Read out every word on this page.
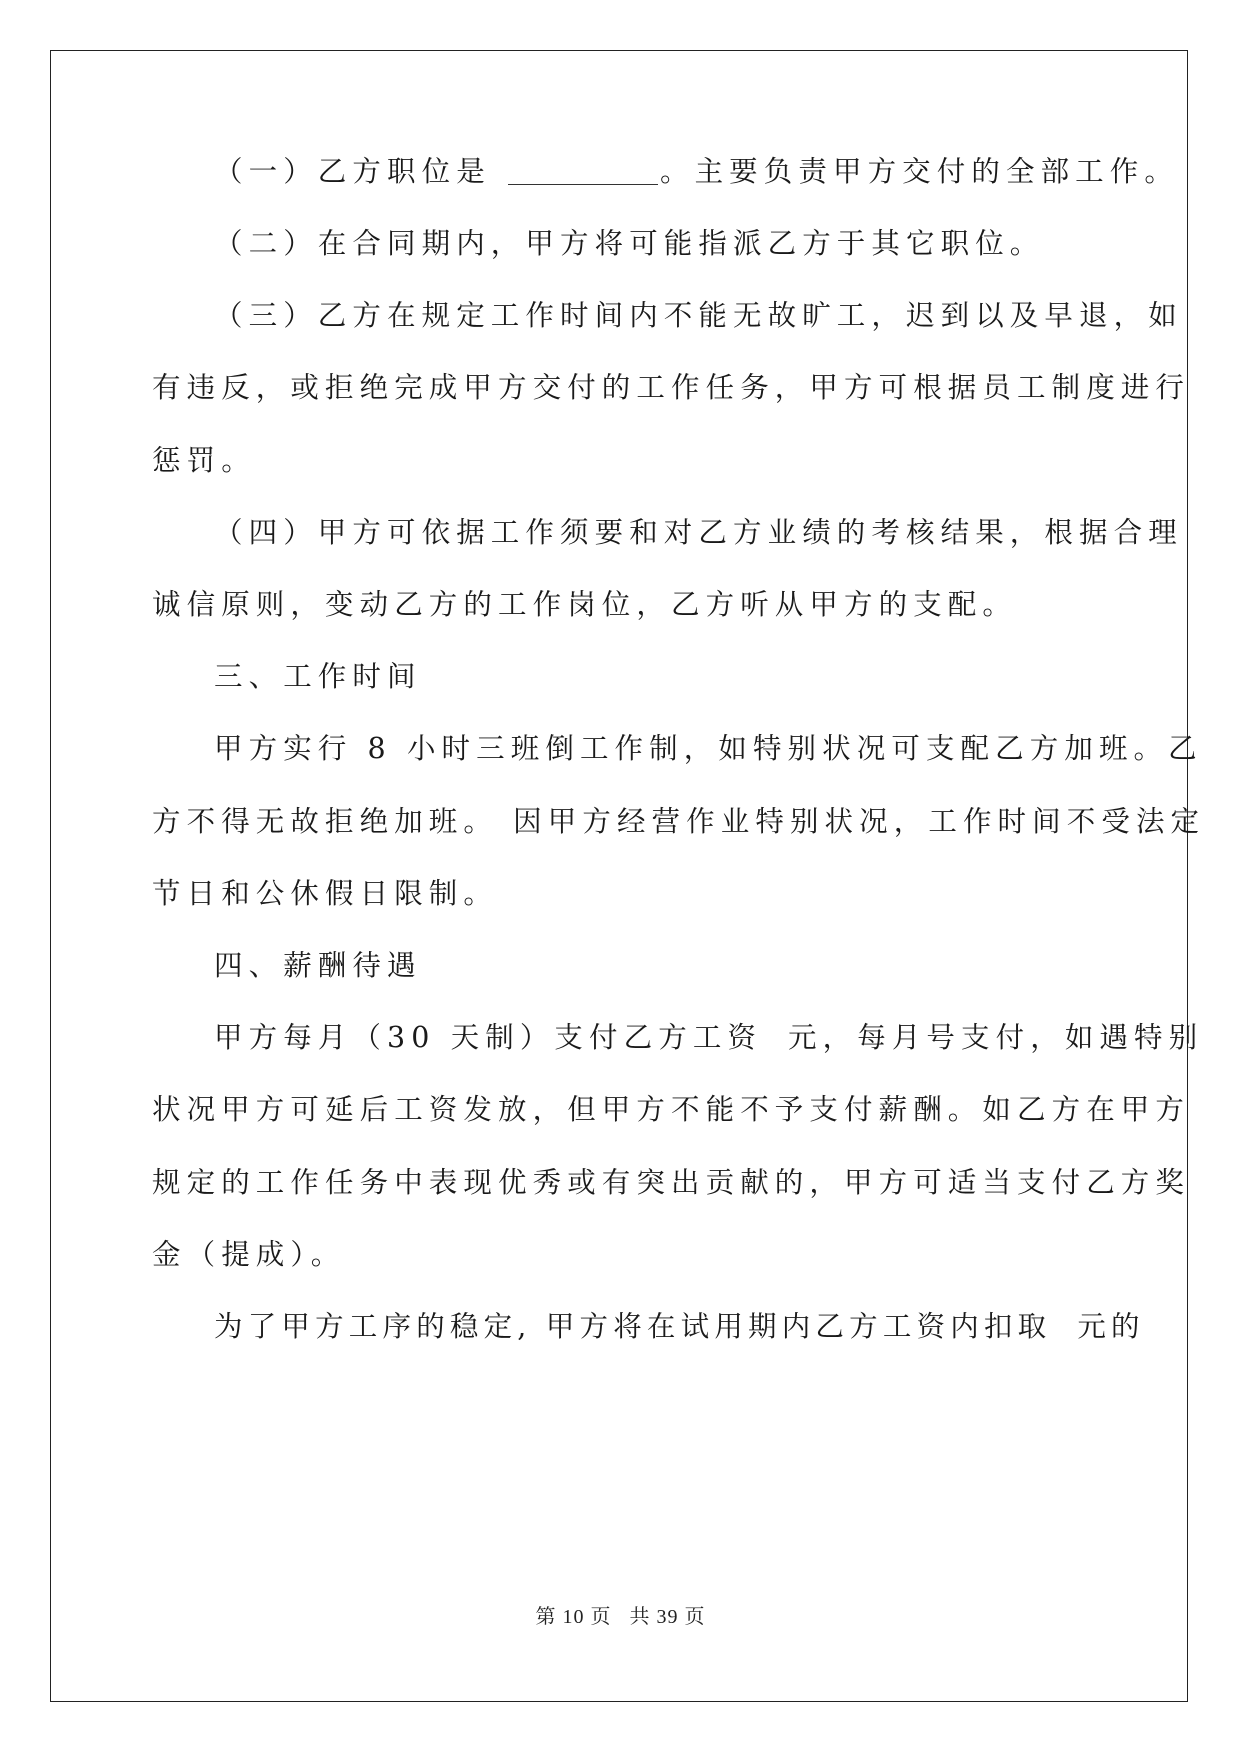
（一）乙方职位是	。主要负责甲方交付的全部工作。
（二）在合同期内，甲方将可能指派乙方于其它职位。
（三）乙方在规定工作时间内不能无故旷工，迟到以及早退，如
有违反，或拒绝完成甲方交付的工作任务，甲方可根据员工制度进行
惩罚。
（四）甲方可依据工作须要和对乙方业绩的考核结果，根据合理
诚信原则，变动乙方的工作岗位，乙方听从甲方的支配。
三、工作时间
甲方实行 8 小时三班倒工作制，如特别状况可支配乙方加班。乙
方不得无故拒绝加班。 因甲方经营作业特别状况，工作时间不受法定
节日和公休假日限制。
四、薪酬待遇
甲方每月（30 天制）支付乙方工资 元，每月号支付，如遇特别
状况甲方可延后工资发放，但甲方不能不予支付薪酬。如乙方在甲方
规定的工作任务中表现优秀或有突出贡献的，甲方可适当支付乙方奖
金（提成）。
为了甲方工序的稳定, 甲方将在试用期内乙方工资内扣取 元的
第 10 页 共 39 页
